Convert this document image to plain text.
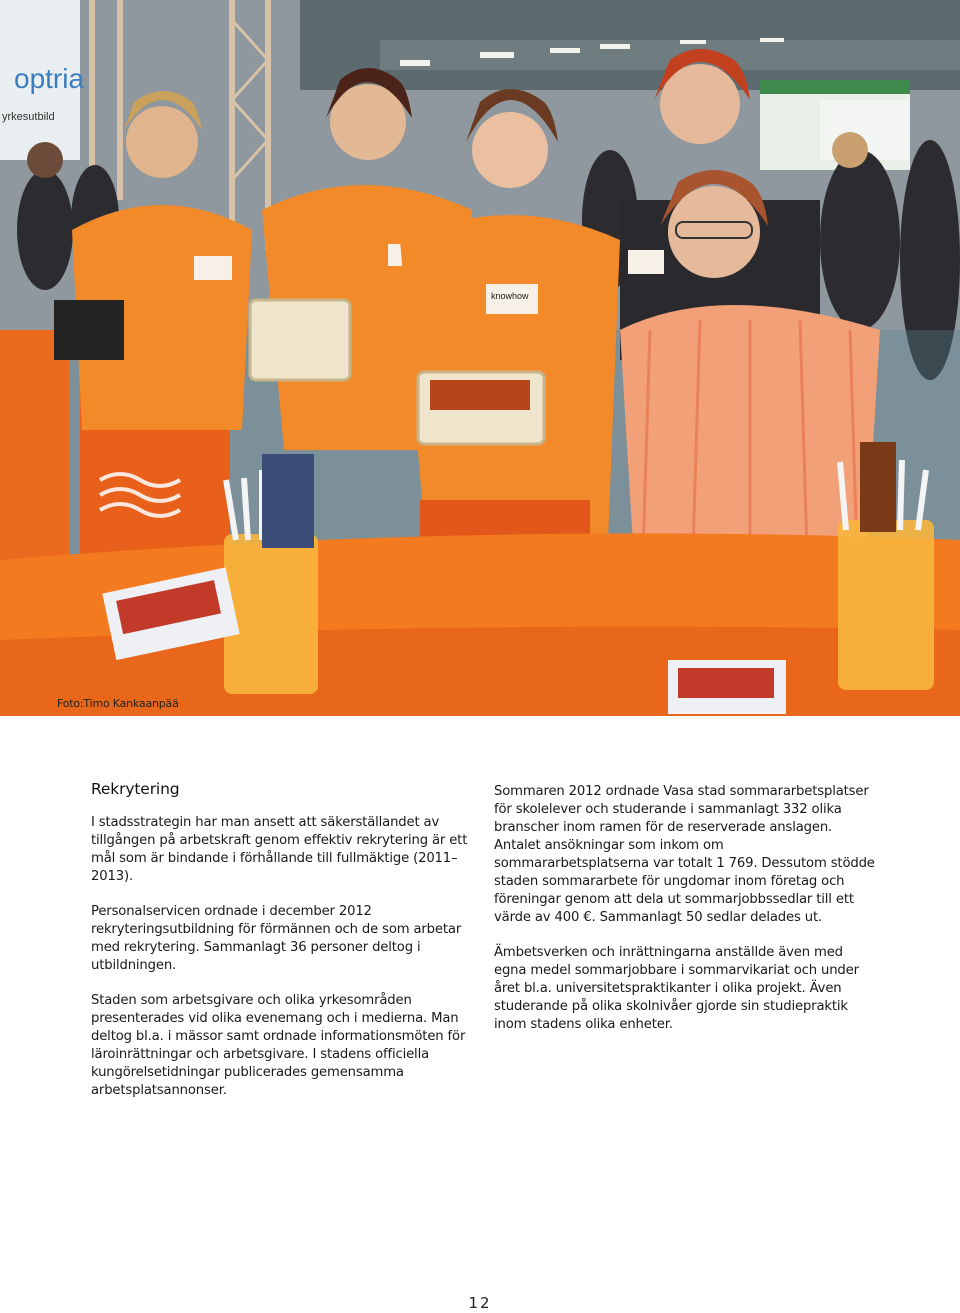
optria
yrkesutbild
knowhow
Foto:Timo Kankaanpää
Rekrytering

I stadsstrategin har man ansett att säkerställandet av tillgången på arbetskraft genom effektiv rekrytering är ett mål som är bindande i förhållande till fullmäktige (2011–2013).

Personalservicen ordnade i december 2012 rekryteringsutbildning för förmännen och de som arbetar med rekrytering. Sammanlagt 36 personer deltog i utbildningen.

Staden som arbetsgivare och olika yrkesområden presenterades vid olika evenemang och i medierna. Man deltog bl.a. i mässor samt ordnade informationsmöten för läroinrättningar och arbetsgivare. I stadens officiella kungörelsetidningar publicerades gemensamma arbetsplatsannonser.

Sommaren 2012 ordnade Vasa stad sommararbetsplatser för skolelever och studerande i sammanlagt 332 olika branscher inom ramen för de reserverade anslagen. Antalet ansökningar som inkom om sommararbetsplatserna var totalt 1 769. Dessutom stödde staden sommararbete för ungdomar inom företag och föreningar genom att dela ut sommarjobbssedlar till ett värde av 400 €. Sammanlagt 50 sedlar delades ut.

Ämbetsverken och inrättningarna anställde även med egna medel sommarjobbare i sommarvikariat och under året bl.a. universitetspraktikanter i olika projekt. Även studerande på olika skolnivåer gjorde sin studiepraktik inom stadens olika enheter.

12
